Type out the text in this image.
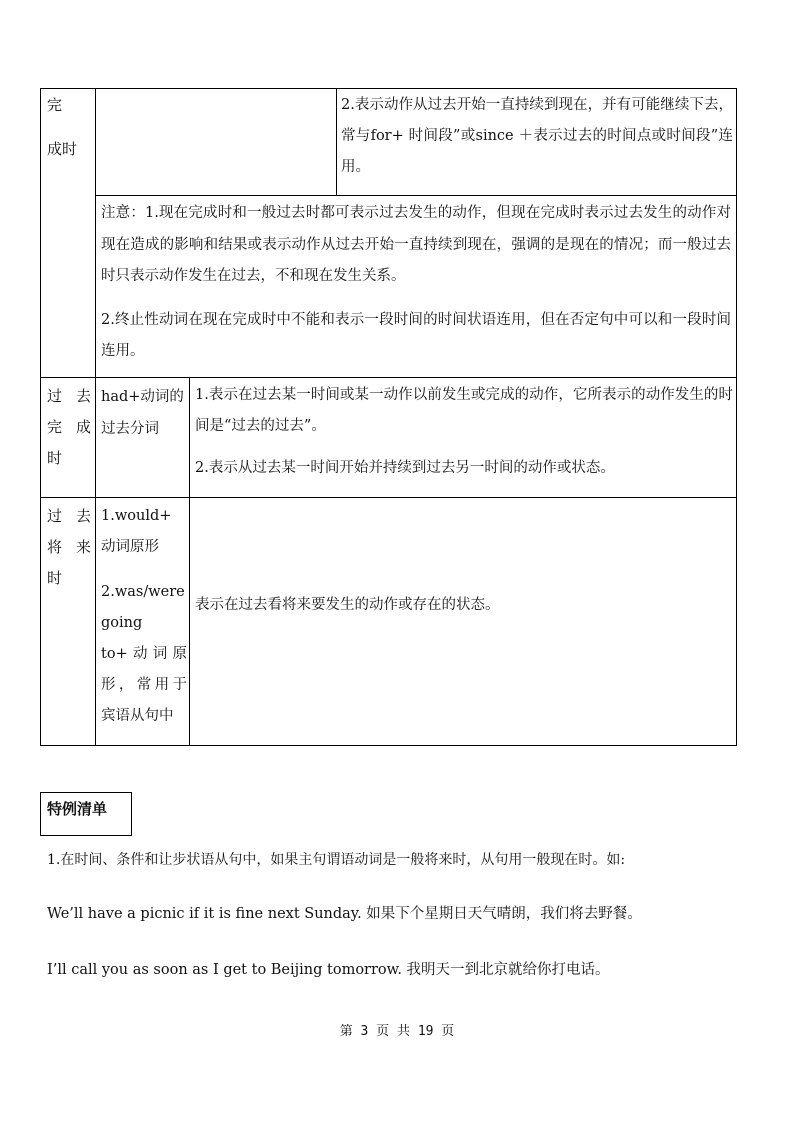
完

成时

2.表示动作从过去开始一直持续到现在，并有可能继续下去，常与for+ 时间段”或since ＋表示过去的时间点或时间段”连用。

注意：1.现在完成时和一般过去时都可表示过去发生的动作，但现在完成时表示过去发生的动作对现在造成的影响和结果或表示动作从过去开始一直持续到现在，强调的是现在的情况；而一般过去时只表示动作发生在过去，不和现在发生关系。

2.终止性动词在现在完成时中不能和表示一段时间的时间状语连用，但在否定句中可以和一段时间连用。

过去

完成

时

had+动词的过去分词

1.表示在过去某一时间或某一动作以前发生或完成的动作，它所表示的动作发生的时间是“过去的过去”。

2.表示从过去某一时间开始并持续到过去另一时间的动作或状态。

过去

将来

时

1.would+ 动词原形

2.was/were going to+动词原形，常用于宾语从句中

表示在过去看将来要发生的动作或存在的状态。

特例清单
1.在时间、条件和让步状语从句中，如果主句谓语动词是一般将来时，从句用一般现在时。如:
We’ll have a picnic if it is fine next Sunday. 如果下个星期日天气晴朗，我们将去野餐。
I’ll call you as soon as I get to Beijing tomorrow. 我明天一到北京就给你打电话。
第 3 页 共 19 页
